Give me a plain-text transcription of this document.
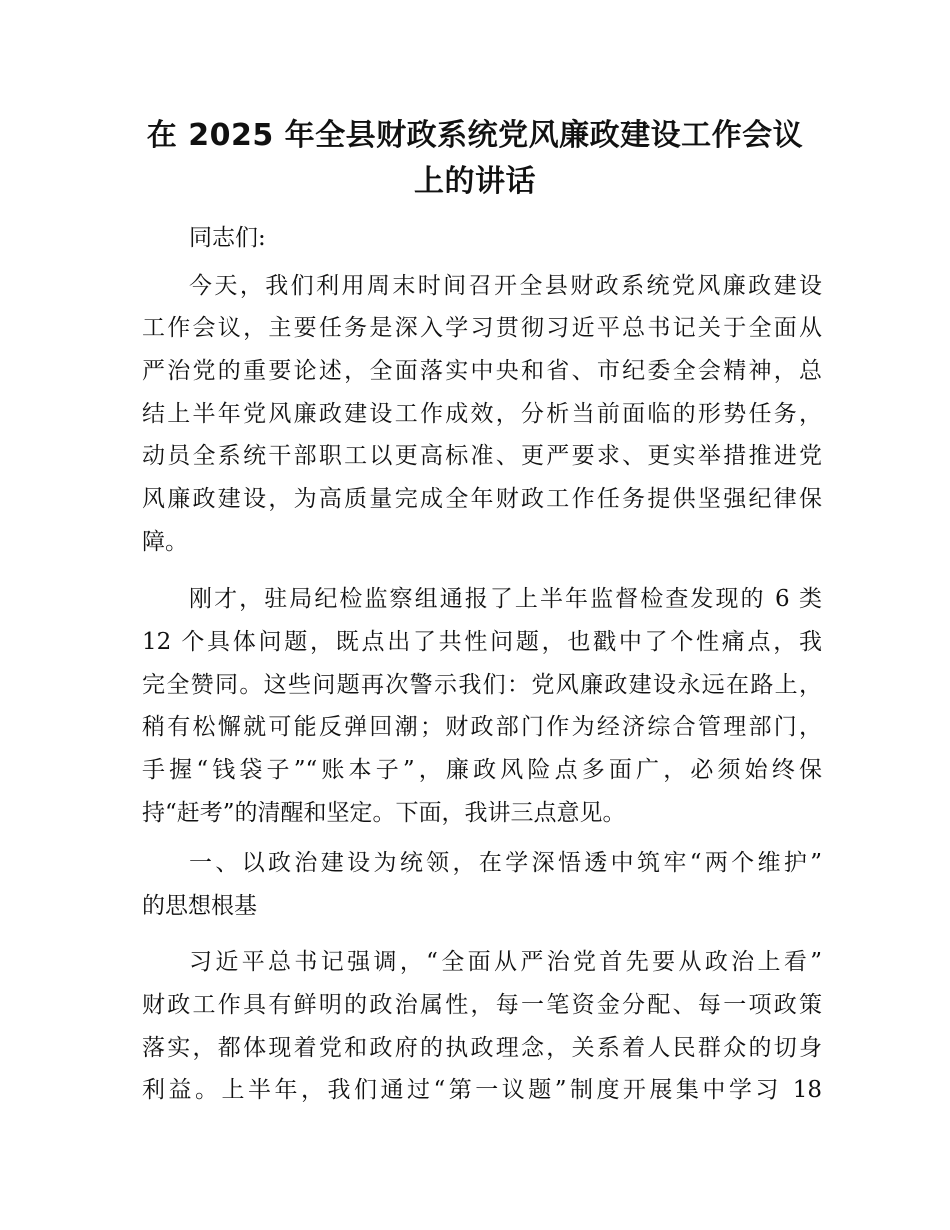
在 2025 年全县财政系统党风廉政建设工作会议
上的讲话
同志们:
今天，我们利用周末时间召开全县财政系统党风廉政建设
工作会议，主要任务是深入学习贯彻习近平总书记关于全面从
严治党的重要论述，全面落实中央和省、市纪委全会精神，总
结上半年党风廉政建设工作成效，分析当前面临的形势任务，
动员全系统干部职工以更高标准、更严要求、更实举措推进党
风廉政建设，为高质量完成全年财政工作任务提供坚强纪律保
障。
刚才，驻局纪检监察组通报了上半年监督检查发现的 6 类
12 个具体问题，既点出了共性问题，也戳中了个性痛点，我
完全赞同。这些问题再次警示我们：党风廉政建设永远在路上，
稍有松懈就可能反弹回潮；财政部门作为经济综合管理部门，
手握“钱袋子”“账本子”，廉政风险点多面广，必须始终保
持“赶考”的清醒和坚定。下面，我讲三点意见。
一、以政治建设为统领，在学深悟透中筑牢“两个维护”
的思想根基
习近平总书记强调，“全面从严治党首先要从政治上看”
财政工作具有鲜明的政治属性，每一笔资金分配、每一项政策
落实，都体现着党和政府的执政理念，关系着人民群众的切身
利益。上半年，我们通过“第一议题”制度开展集中学习 18
